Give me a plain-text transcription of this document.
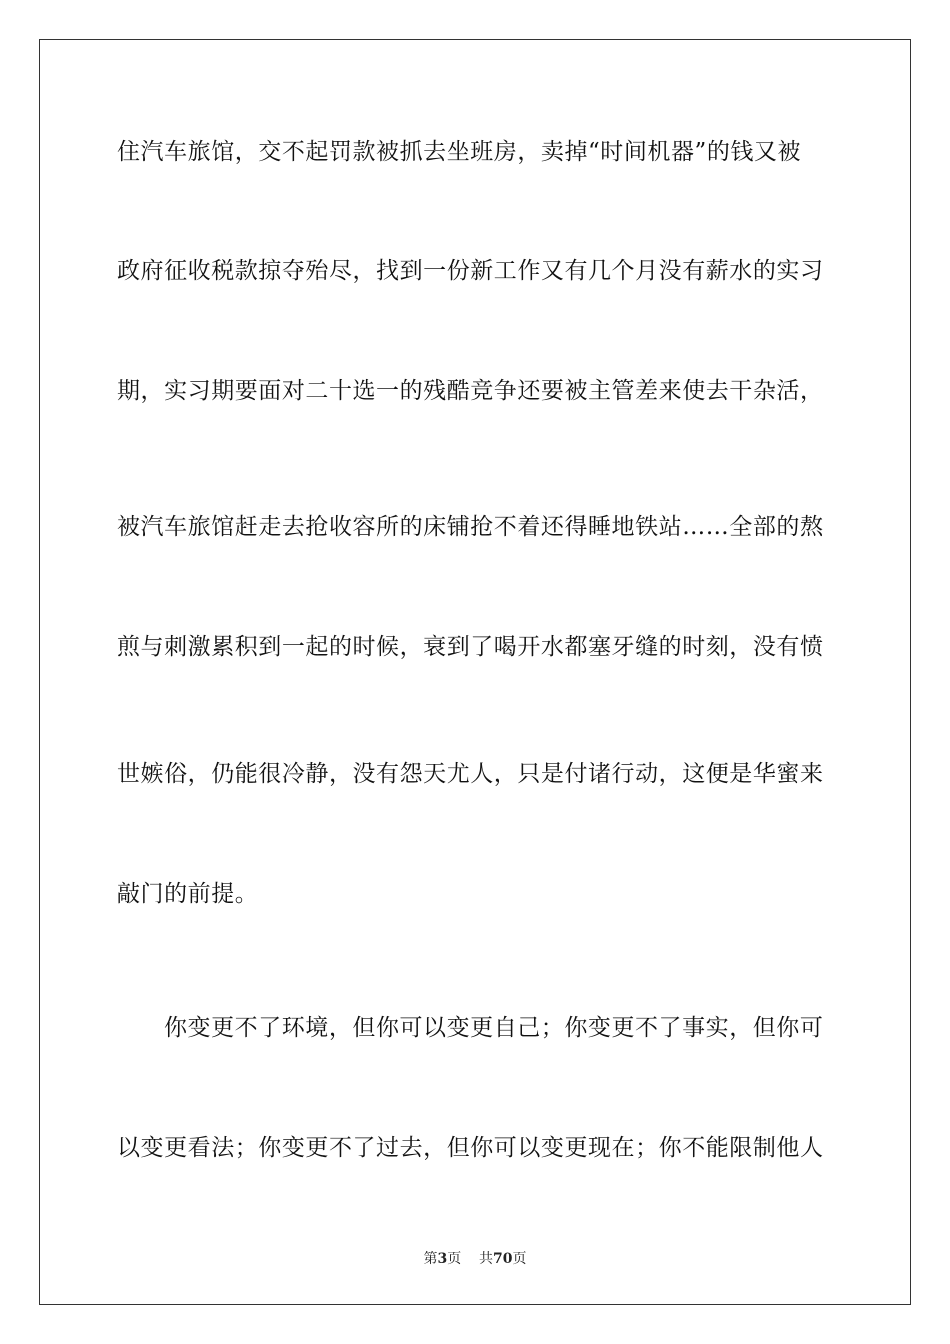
住汽车旅馆，交不起罚款被抓去坐班房，卖掉“时间机器”的钱又被
政府征收税款掠夺殆尽，找到一份新工作又有几个月没有薪水的实习
期，实习期要面对二十选一的残酷竞争还要被主管差来使去干杂活，
被汽车旅馆赶走去抢收容所的床铺抢不着还得睡地铁站……全部的熬
煎与刺激累积到一起的时候，衰到了喝开水都塞牙缝的时刻，没有愤
世嫉俗，仍能很冷静，没有怨天尤人，只是付诸行动，这便是华蜜来
敲门的前提。
你变更不了环境，但你可以变更自己；你变更不了事实，但你可
以变更看法；你变更不了过去，但你可以变更现在；你不能限制他人
第3页 共70页
